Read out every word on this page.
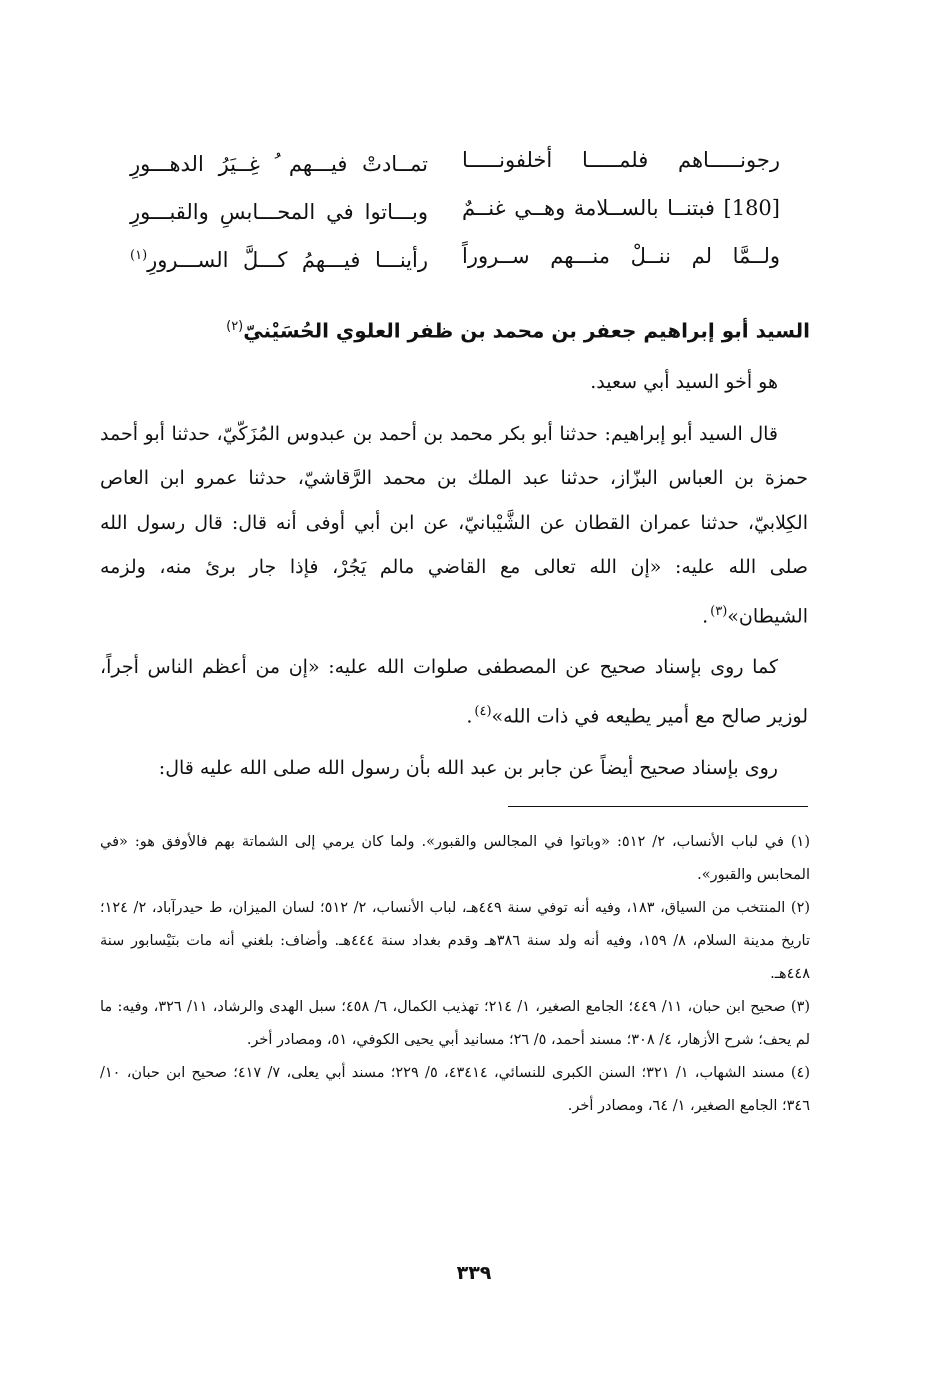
رجونـــــاهم فلمـــــا أخلفونـــــا
تمــادتْ فيـــهم ُ غِــيَرُ الدهـــورِ
[180] فبتنــا بالســلامة وهــي غنــمٌ
وبـــاتوا في المحـــابسِ والقبـــورِ
ولــمَّا لم ننــلْ منـــهم ســروراً
رأينـــا فيـــهمُ كـــلَّ الســـرورِ$^{(١)}$
السيد أبو إبراهيم جعفر بن محمد بن ظفر العلوي الحُسَيْنيّ$^{(٢)}$

هو أخو السيد أبي سعيد.

قال السيد أبو إبراهيم: حدثنا أبو بكر محمد بن أحمد بن عبدوس المُزَكّيّ، حدثنا أبو أحمد حمزة بن العباس البزّاز، حدثنا عبد الملك بن محمد الرَّقاشيّ، حدثنا عمرو ابن العاص الكِلابيّ، حدثنا عمران القطان عن الشَّيْبانيّ، عن ابن أبي أوفى أنه قال: قال رسول الله صلى الله عليه: «إن الله تعالى مع القاضي مالم يَجُرْ، فإذا جار برئ منه، ولزمه الشيطان»$^{(٣)}$.

كما روى بإسناد صحيح عن المصطفى صلوات الله عليه: «إن من أعظم الناس أجراً، لوزير صالح مع أمير يطيعه في ذات الله»$^{(٤)}$.

روى بإسناد صحيح أيضاً عن جابر بن عبد الله بأن رسول الله صلى الله عليه قال:

(١) في لباب الأنساب، ٢/ ٥١٢: «وباتوا في المجالس والقبور». ولما كان يرمي إلى الشماتة بهم فالأوفق هو: «في المحابس والقبور».

(٢) المنتخب من السياق، ١٨٣، وفيه أنه توفي سنة ٤٤٩هـ، لباب الأنساب، ٢/ ٥١٢؛ لسان الميزان، ط حيدرآباد، ٢/ ١٢٤؛ تاريخ مدينة السلام، ٨/ ١٥٩، وفيه أنه ولد سنة ٣٨٦هـ وقدم بغداد سنة ٤٤٤هـ. وأضاف: بلغني أنه مات بنَيْسابور سنة ٤٤٨هـ.

(٣) صحيح ابن حبان، ١١/ ٤٤٩؛ الجامع الصغير، ١/ ٢١٤؛ تهذيب الكمال، ٦/ ٤٥٨؛ سبل الهدى والرشاد، ١١/ ٣٢٦، وفيه: ما لم يحف؛ شرح الأزهار، ٤/ ٣٠٨؛ مسند أحمد، ٥/ ٢٦؛ مسانيد أبي يحيى الكوفي، ٥١، ومصادر أخر.

(٤) مسند الشهاب، ١/ ٣٢١؛ السنن الكبرى للنسائي، ٤٣٤١٤، ٥/ ٢٢٩؛ مسند أبي يعلى، ٧/ ٤١٧؛ صحيح ابن حبان، ١٠/ ٣٤٦؛ الجامع الصغير، ١/ ٦٤، ومصادر أخر.

٣٣٩
